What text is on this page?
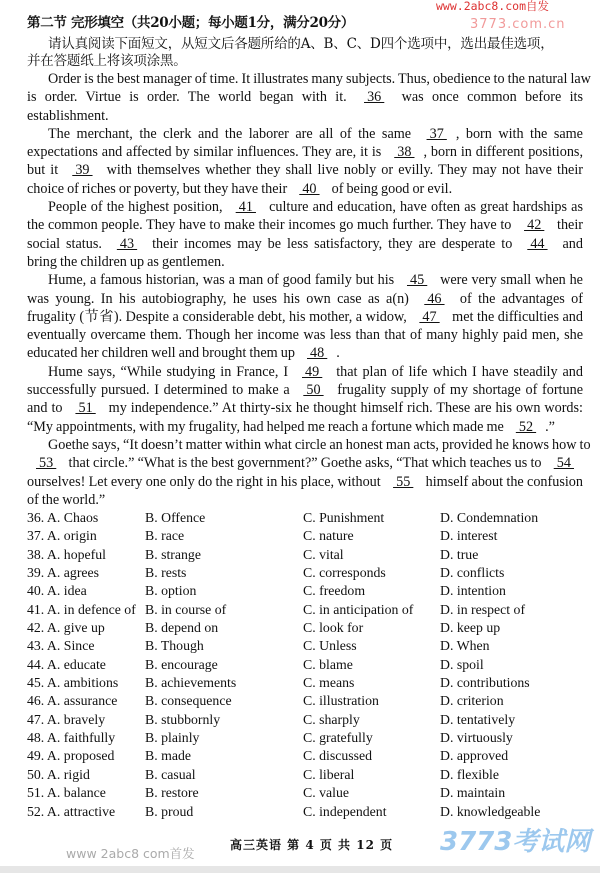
www.2abc8.com自发
3773.com.cn
第二节 完形填空（共20小题；每小题1分，满分20分）
请认真阅读下面短文，从短文后各题所给的A、B、C、D四个选项中，选出最佳选项，
并在答题纸上将该项涂黑。
Order is the best manager of time. It illustrates many subjects. Thus, obedience to the natural law
is order. Virtue is order. The world began with it.  36  was once common before its
establishment.
The merchant, the clerk and the laborer are all of the same  37 , born with the same
expectations and affected by similar influences. They are, it is  38 , born in different positions,
but it  39  with themselves whether they shall live nobly or evilly. They may not have their
choice of riches or poverty, but they have their  40  of being good or evil.
People of the highest position,  41  culture and education, have often as great hardships as
the common people. They have to make their incomes go much further. They have to  42  their
social status.  43  their incomes may be less satisfactory, they are desperate to  44  and
bring the children up as gentlemen.
Hume, a famous historian, was a man of good family but his  45  were very small when he
was young. In his autobiography, he uses his own case as a(n)  46  of the advantages of
frugality (节省). Despite a considerable debt, his mother, a widow,  47  met the difficulties and
eventually overcame them. Though her income was less than that of many highly paid men, she
educated her children well and brought them up  48 .
Hume says, “While studying in France, I  49  that plan of life which I have steadily and
successfully pursued. I determined to make a  50  frugality supply of my shortage of fortune
and to  51  my independence.” At thirty-six he thought himself rich. These are his own words:
“My appointments, with my frugality, had helped me reach a fortune which made me  52 .”
Goethe says, “It doesn’t matter within what circle an honest man acts, provided he knows how to
53  that circle.” “What is the best government?” Goethe asks, “That which teaches us to  54
ourselves! Let every one only do the right in his place, without  55  himself about the confusion
of the world.”
36. A. Chaos	B. Offence	C. Punishment	D. Condemnation
37. A. origin	B. race	C. nature	D. interest
38. A. hopeful	B. strange	C. vital	D. true
39. A. agrees	B. rests	C. corresponds	D. conflicts
40. A. idea	B. option	C. freedom	D. intention
41. A. in defence of B. in course of	C. in anticipation of D. in respect of
42. A. give up	B. depend on	C. look for	D. keep up
43. A. Since	B. Though	C. Unless	D. When
44. A. educate	B. encourage	C. blame	D. spoil
45. A. ambitions B. achievements	C. means	D. contributions
46. A. assurance B. consequence	C. illustration	D. criterion
47. A. bravely	B. stubbornly	C. sharply	D. tentatively
48. A. faithfully B. plainly	C. gratefully	D. virtuously
49. A. proposed B. made	C. discussed	D. approved
50. A. rigid	B. casual	C. liberal	D. flexible
51. A. balance	B. restore	C. value	D. maintain
52. A. attractive B. proud	C. independent	D. knowledgeable
高三英语 第 4 页 共 12 页
www 2abc8 com首发	3773考试网
